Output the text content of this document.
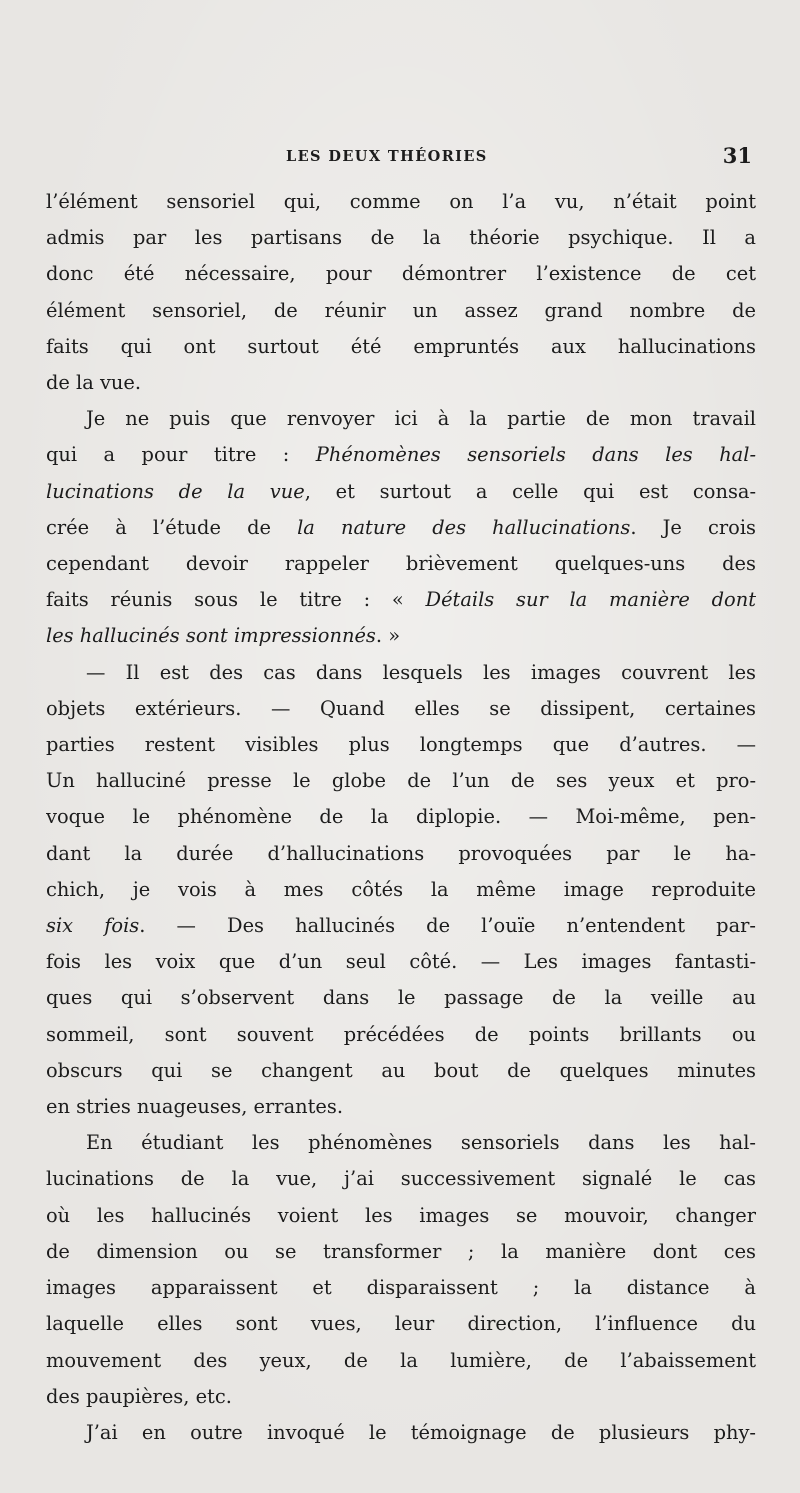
LES DEUX THÉORIES	31

l’élément sensoriel qui, comme on l’a vu, n’était point
admis par les partisans de la théorie psychique. Il a
donc été nécessaire, pour démontrer l’existence de cet
élément sensoriel, de réunir un assez grand nombre de
faits qui ont surtout été empruntés aux hallucinations
de la vue.

Je ne puis que renvoyer ici à la partie de mon travail
qui a pour titre : Phénomènes sensoriels dans les hal-
lucinations de la vue, et surtout a celle qui est consa-
crée à l’étude de la nature des hallucinations. Je crois
cependant devoir rappeler brièvement quelques-uns des
faits réunis sous le titre : « Détails sur la manière dont
les hallucinés sont impressionnés. »

— Il est des cas dans lesquels les images couvrent les
objets extérieurs. — Quand elles se dissipent, certaines
parties restent visibles plus longtemps que d’autres. —
Un halluciné presse le globe de l’un de ses yeux et pro-
voque le phénomène de la diplopie. — Moi-même, pen-
dant la durée d’hallucinations provoquées par le ha-
chich, je vois à mes côtés la même image reproduite
six fois. — Des hallucinés de l’ouïe n’entendent par-
fois les voix que d’un seul côté. — Les images fantasti-
ques qui s’observent dans le passage de la veille au
sommeil, sont souvent précédées de points brillants ou
obscurs qui se changent au bout de quelques minutes
en stries nuageuses, errantes.

En étudiant les phénomènes sensoriels dans les hal-
lucinations de la vue, j’ai successivement signalé le cas
où les hallucinés voient les images se mouvoir, changer
de dimension ou se transformer ; la manière dont ces
images apparaissent et disparaissent ; la distance à
laquelle elles sont vues, leur direction, l’influence du
mouvement des yeux, de la lumière, de l’abaissement
des paupières, etc.

J’ai en outre invoqué le témoignage de plusieurs phy-
